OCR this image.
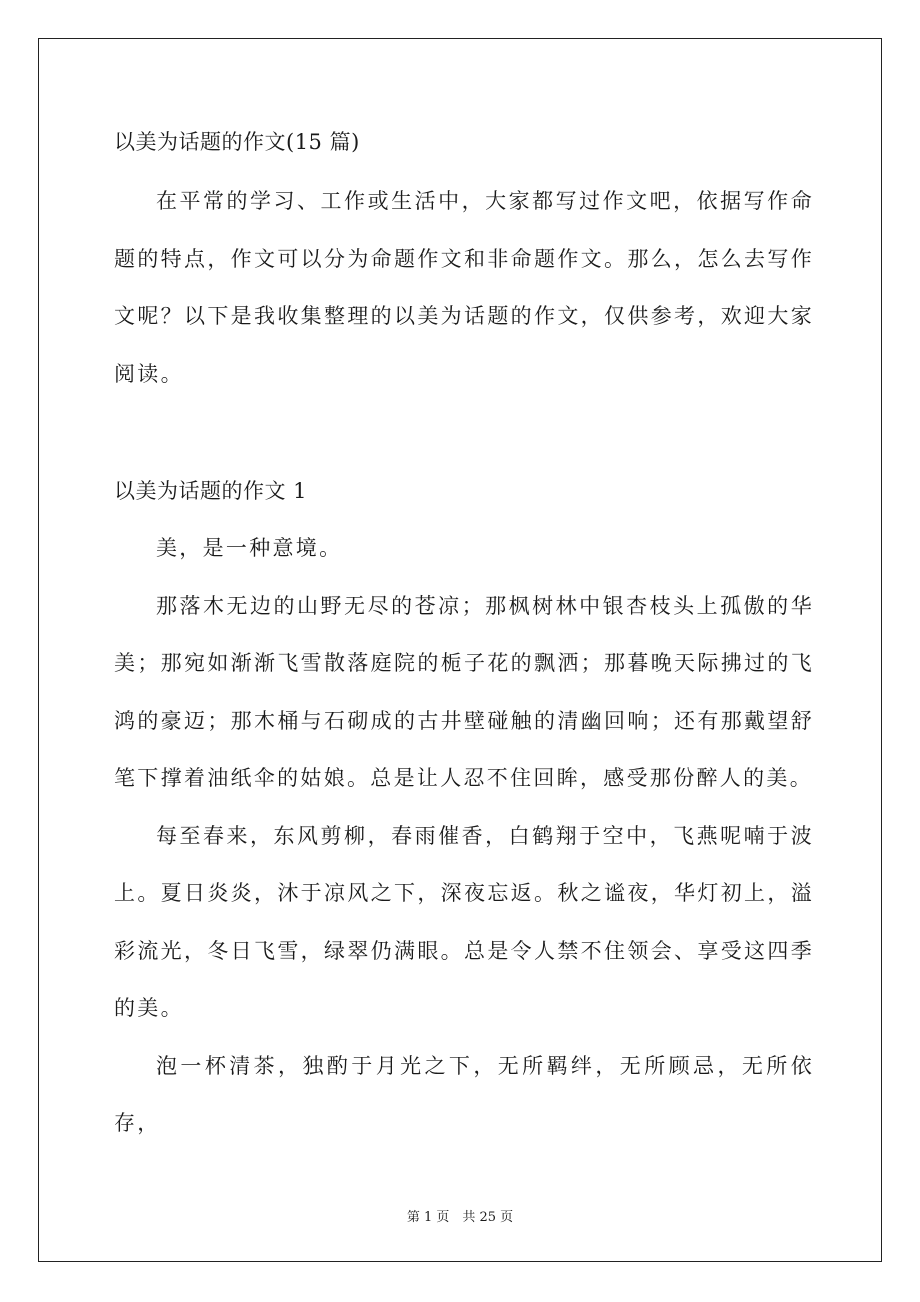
以美为话题的作文(15 篇)

在平常的学习、工作或生活中，大家都写过作文吧，依据写作命题的特点，作文可以分为命题作文和非命题作文。那么，怎么去写作文呢？以下是我收集整理的以美为话题的作文，仅供参考，欢迎大家阅读。

以美为话题的作文 1

美，是一种意境。

那落木无边的山野无尽的苍凉；那枫树林中银杏枝头上孤傲的华美；那宛如渐渐飞雪散落庭院的栀子花的飘洒；那暮晚天际拂过的飞鸿的豪迈；那木桶与石砌成的古井壁碰触的清幽回响；还有那戴望舒笔下撑着油纸伞的姑娘。总是让人忍不住回眸，感受那份醉人的美。

每至春来，东风剪柳，春雨催香，白鹤翔于空中，飞燕呢喃于波上。夏日炎炎，沐于凉风之下，深夜忘返。秋之谧夜，华灯初上，溢彩流光，冬日飞雪，绿翠仍满眼。总是令人禁不住领会、享受这四季的美。

泡一杯清茶，独酌于月光之下，无所羁绊，无所顾忌，无所依存，

第 1 页　共 25 页
